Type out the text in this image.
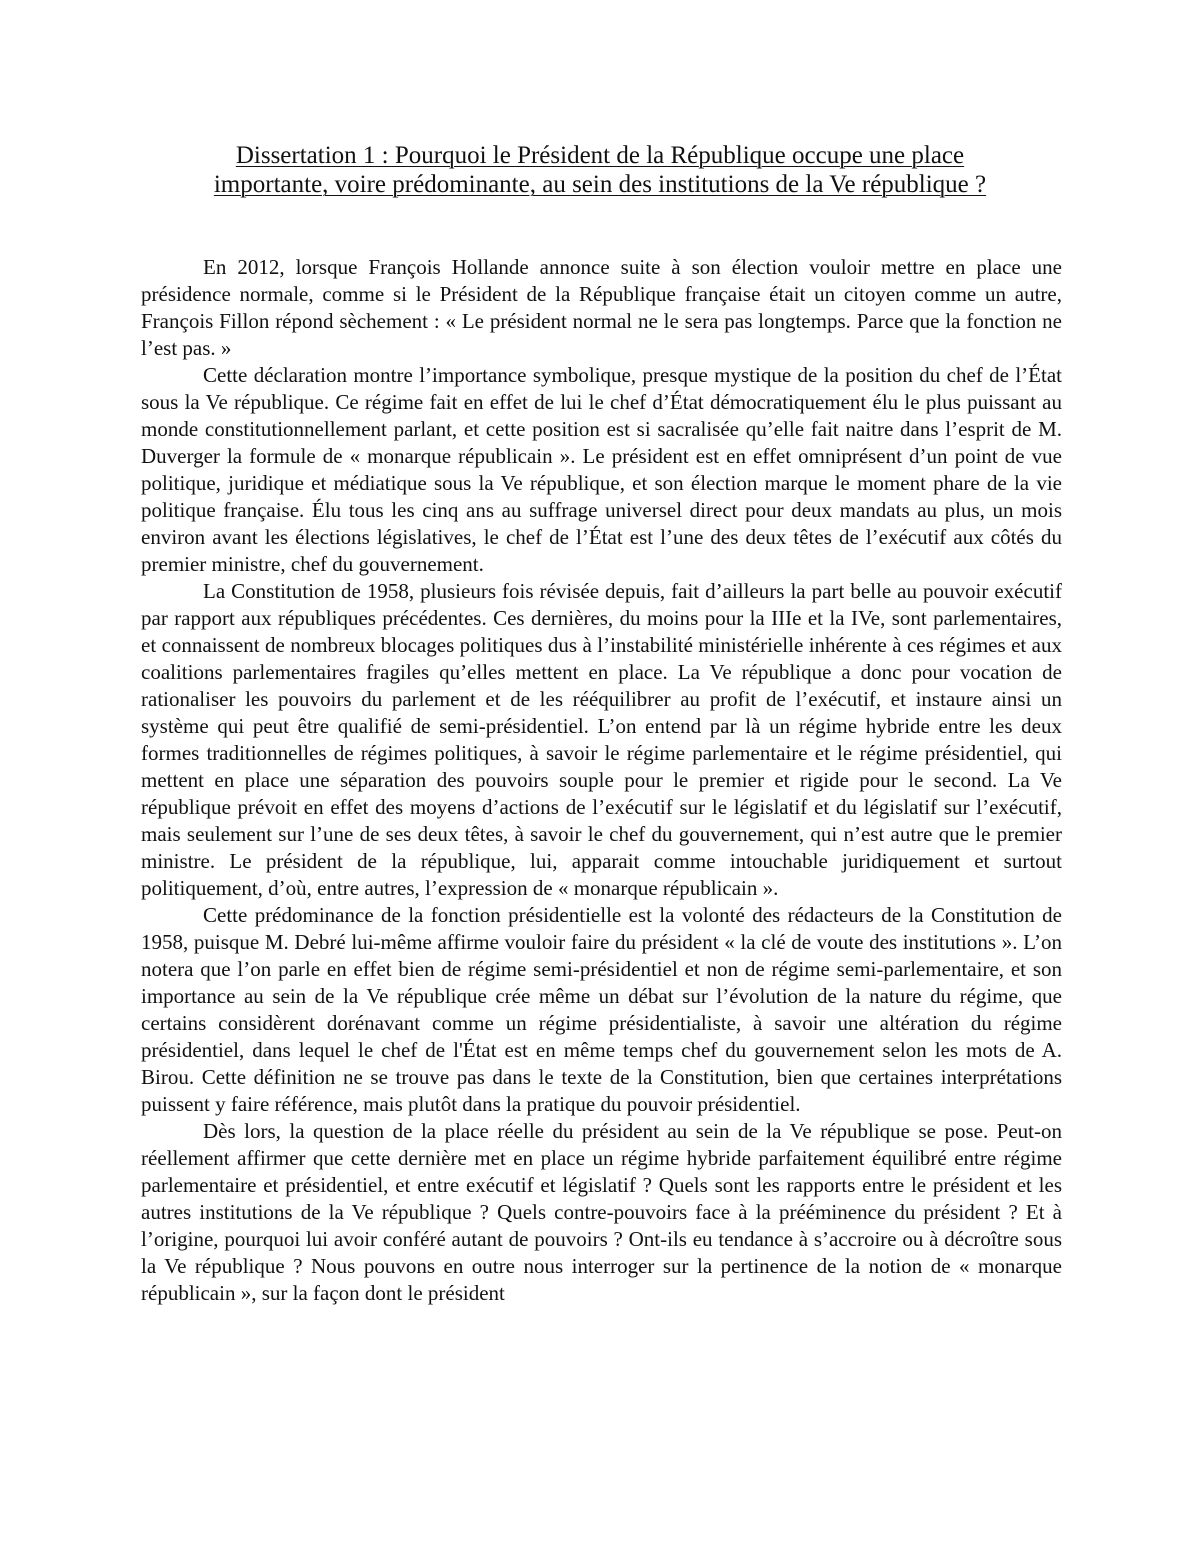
Dissertation 1 : Pourquoi le Président de la République occupe une place
importante, voire prédominante, au sein des institutions de la Ve république ?

En 2012, lorsque François Hollande annonce suite à son élection vouloir mettre en place une présidence normale, comme si le Président de la République française était un citoyen comme un autre, François Fillon répond sèchement : « Le président normal ne le sera pas longtemps. Parce que la fonction ne l’est pas. »

Cette déclaration montre l’importance symbolique, presque mystique de la position du chef de l’État sous la Ve république. Ce régime fait en effet de lui le chef d’État démocratiquement élu le plus puissant au monde constitutionnellement parlant, et cette position est si sacralisée qu’elle fait naitre dans l’esprit de M. Duverger la formule de « monarque républicain ». Le président est en effet omniprésent d’un point de vue politique, juridique et médiatique sous la Ve république, et son élection marque le moment phare de la vie politique française. Élu tous les cinq ans au suffrage universel direct pour deux mandats au plus, un mois environ avant les élections législatives, le chef de l’État est l’une des deux têtes de l’exécutif aux côtés du premier ministre, chef du gouvernement.

La Constitution de 1958, plusieurs fois révisée depuis, fait d’ailleurs la part belle au pouvoir exécutif par rapport aux républiques précédentes. Ces dernières, du moins pour la IIIe et la IVe, sont parlementaires, et connaissent de nombreux blocages politiques dus à l’instabilité ministérielle inhérente à ces régimes et aux coalitions parlementaires fragiles qu’elles mettent en place. La Ve république a donc pour vocation de rationaliser les pouvoirs du parlement et de les rééquilibrer au profit de l’exécutif, et instaure ainsi un système qui peut être qualifié de semi-présidentiel. L’on entend par là un régime hybride entre les deux formes traditionnelles de régimes politiques, à savoir le régime parlementaire et le régime présidentiel, qui mettent en place une séparation des pouvoirs souple pour le premier et rigide pour le second. La Ve république prévoit en effet des moyens d’actions de l’exécutif sur le législatif et du législatif sur l’exécutif, mais seulement sur l’une de ses deux têtes, à savoir le chef du gouvernement, qui n’est autre que le premier ministre. Le président de la république, lui, apparait comme intouchable juridiquement et surtout politiquement, d’où, entre autres, l’expression de « monarque républicain ».

Cette prédominance de la fonction présidentielle est la volonté des rédacteurs de la Constitution de 1958, puisque M. Debré lui-même affirme vouloir faire du président « la clé de voute des institutions ». L’on notera que l’on parle en effet bien de régime semi-présidentiel et non de régime semi-parlementaire, et son importance au sein de la Ve république crée même un débat sur l’évolution de la nature du régime, que certains considèrent dorénavant comme un régime présidentialiste, à savoir une altération du régime présidentiel, dans lequel le chef de l'État est en même temps chef du gouvernement selon les mots de A. Birou. Cette définition ne se trouve pas dans le texte de la Constitution, bien que certaines interprétations puissent y faire référence, mais plutôt dans la pratique du pouvoir présidentiel.

Dès lors, la question de la place réelle du président au sein de la Ve république se pose. Peut-on réellement affirmer que cette dernière met en place un régime hybride parfaitement équilibré entre régime parlementaire et présidentiel, et entre exécutif et législatif ? Quels sont les rapports entre le président et les autres institutions de la Ve république ? Quels contre-pouvoirs face à la prééminence du président ? Et à l’origine, pourquoi lui avoir conféré autant de pouvoirs ? Ont-ils eu tendance à s’accroire ou à décroître sous la Ve république ? Nous pouvons en outre nous interroger sur la pertinence de la notion de « monarque républicain », sur la façon dont le président
